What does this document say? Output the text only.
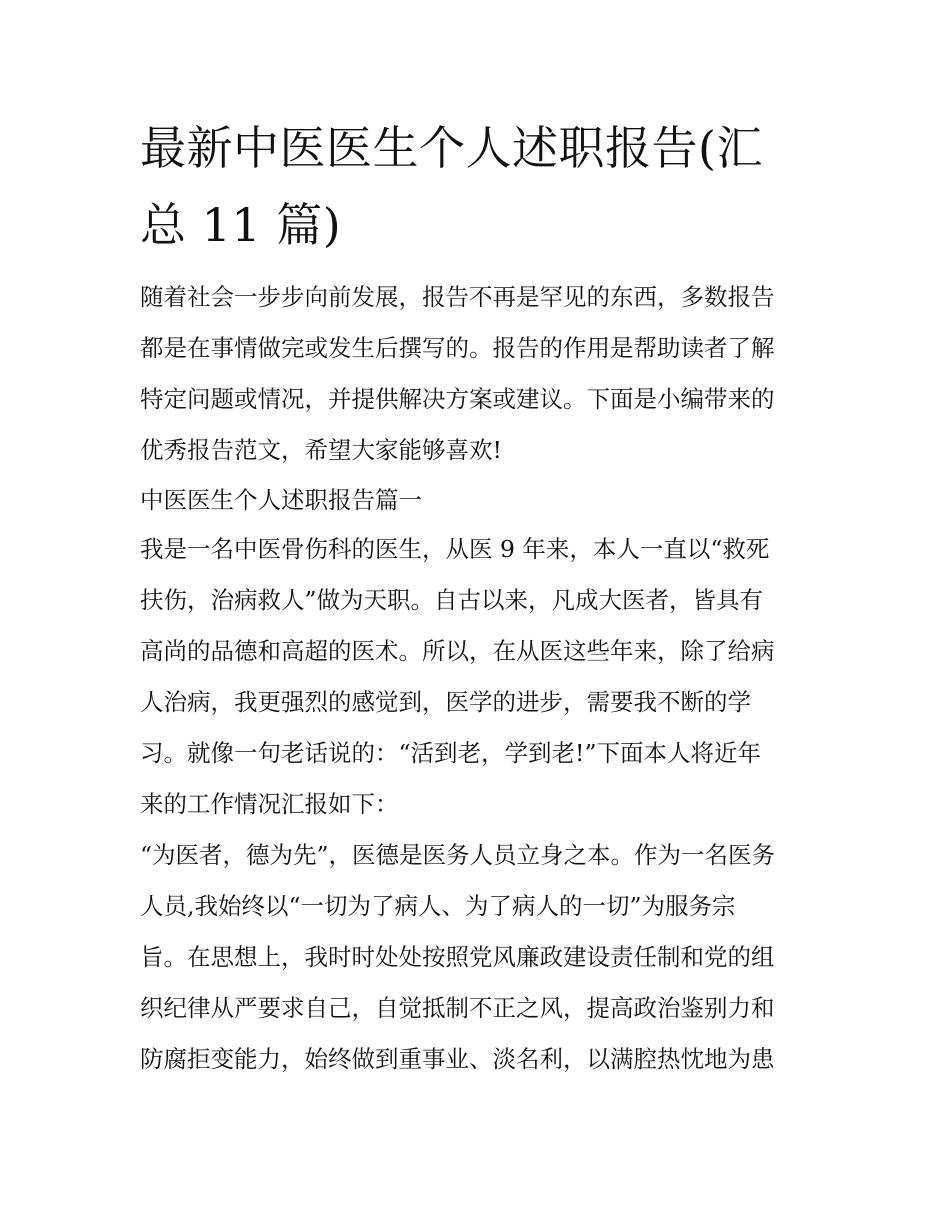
最新中医医生个人述职报告(汇
总 11 篇)

随着社会一步步向前发展，报告不再是罕见的东西，多数报告
都是在事情做完或发生后撰写的。报告的作用是帮助读者了解
特定问题或情况，并提供解决方案或建议。下面是小编带来的
优秀报告范文，希望大家能够喜欢!

中医医生个人述职报告篇一

我是一名中医骨伤科的医生，从医 9 年来，本人一直以“救死
扶伤，治病救人”做为天职。自古以来，凡成大医者，皆具有
高尚的品德和高超的医术。所以，在从医这些年来，除了给病
人治病，我更强烈的感觉到，医学的进步，需要我不断的学
习。就像一句老话说的：“活到老，学到老!”下面本人将近年
来的工作情况汇报如下：

“为医者，德为先”，医德是医务人员立身之本。作为一名医务
人员,我始终以“一切为了病人、为了病人的一切”为服务宗
旨。在思想上，我时时处处按照党风廉政建设责任制和党的组
织纪律从严要求自己，自觉抵制不正之风，提高政治鉴别力和
防腐拒变能力，始终做到重事业、淡名利，以满腔热忱地为患
